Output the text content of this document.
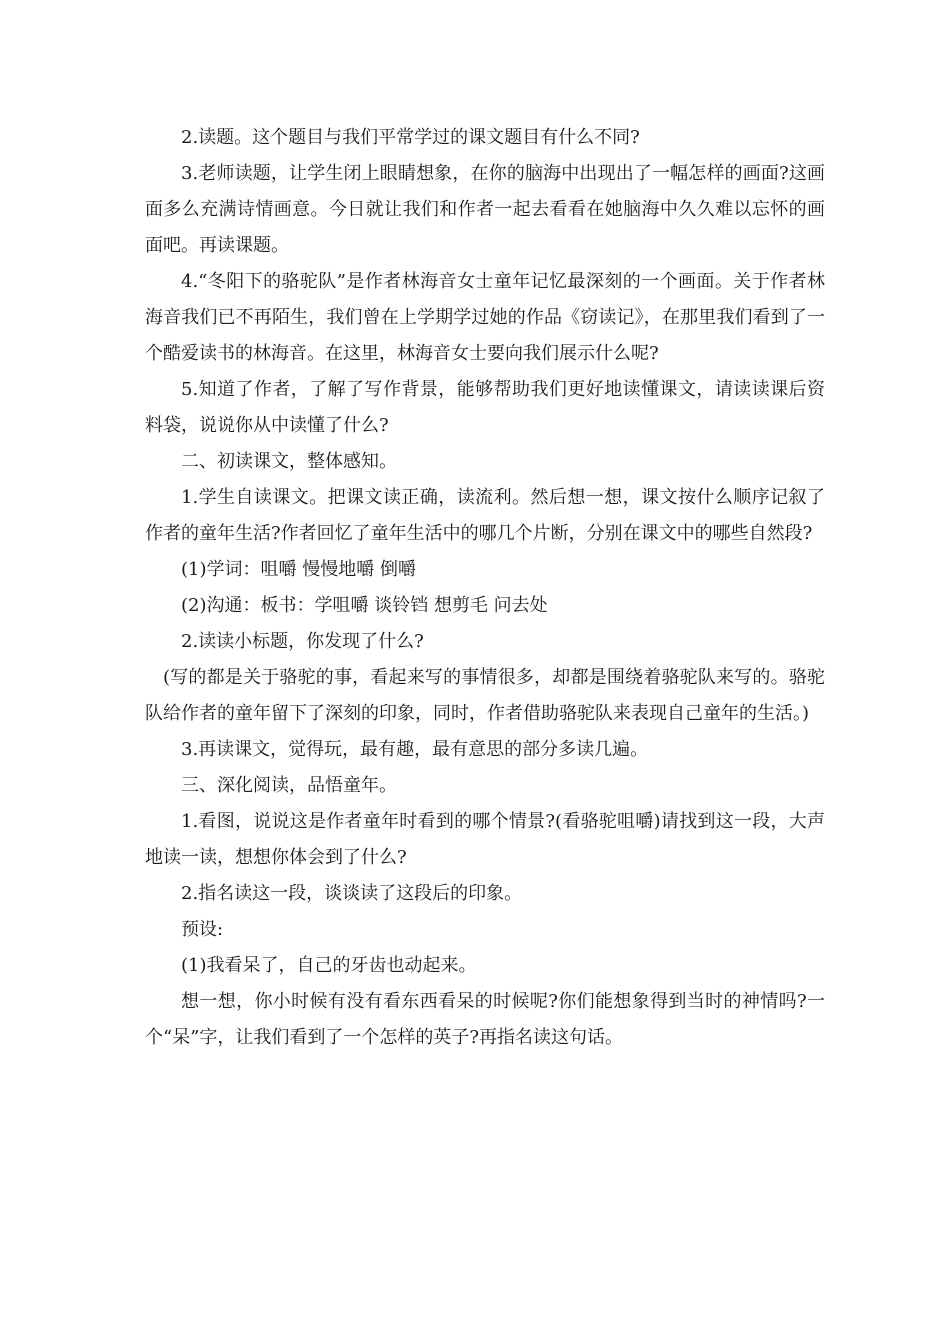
2.读题。这个题目与我们平常学过的课文题目有什么不同?

3.老师读题，让学生闭上眼睛想象，在你的脑海中出现出了一幅怎样的画面?这画面多么充满诗情画意。今日就让我们和作者一起去看看在她脑海中久久难以忘怀的画面吧。再读课题。

4.“冬阳下的骆驼队”是作者林海音女士童年记忆最深刻的一个画面。关于作者林海音我们已不再陌生，我们曾在上学期学过她的作品《窃读记》，在那里我们看到了一个酷爱读书的林海音。在这里，林海音女士要向我们展示什么呢?

5.知道了作者，了解了写作背景，能够帮助我们更好地读懂课文，请读读课后资料袋，说说你从中读懂了什么?

二、初读课文，整体感知。

1.学生自读课文。把课文读正确，读流利。然后想一想，课文按什么顺序记叙了作者的童年生活?作者回忆了童年生活中的哪几个片断，分别在课文中的哪些自然段?

(1)学词：咀嚼 慢慢地嚼 倒嚼

(2)沟通：板书：学咀嚼 谈铃铛 想剪毛 问去处

2.读读小标题，你发现了什么?

(写的都是关于骆驼的事，看起来写的事情很多，却都是围绕着骆驼队来写的。骆驼队给作者的童年留下了深刻的印象，同时，作者借助骆驼队来表现自己童年的生活。)

3.再读课文，觉得玩，最有趣，最有意思的部分多读几遍。

三、深化阅读，品悟童年。

1.看图，说说这是作者童年时看到的哪个情景?(看骆驼咀嚼)请找到这一段，大声地读一读，想想你体会到了什么?

2.指名读这一段，谈谈读了这段后的印象。

预设:

(1)我看呆了，自己的牙齿也动起来。

想一想，你小时候有没有看东西看呆的时候呢?你们能想象得到当时的神情吗?一个“呆”字，让我们看到了一个怎样的英子?再指名读这句话。
